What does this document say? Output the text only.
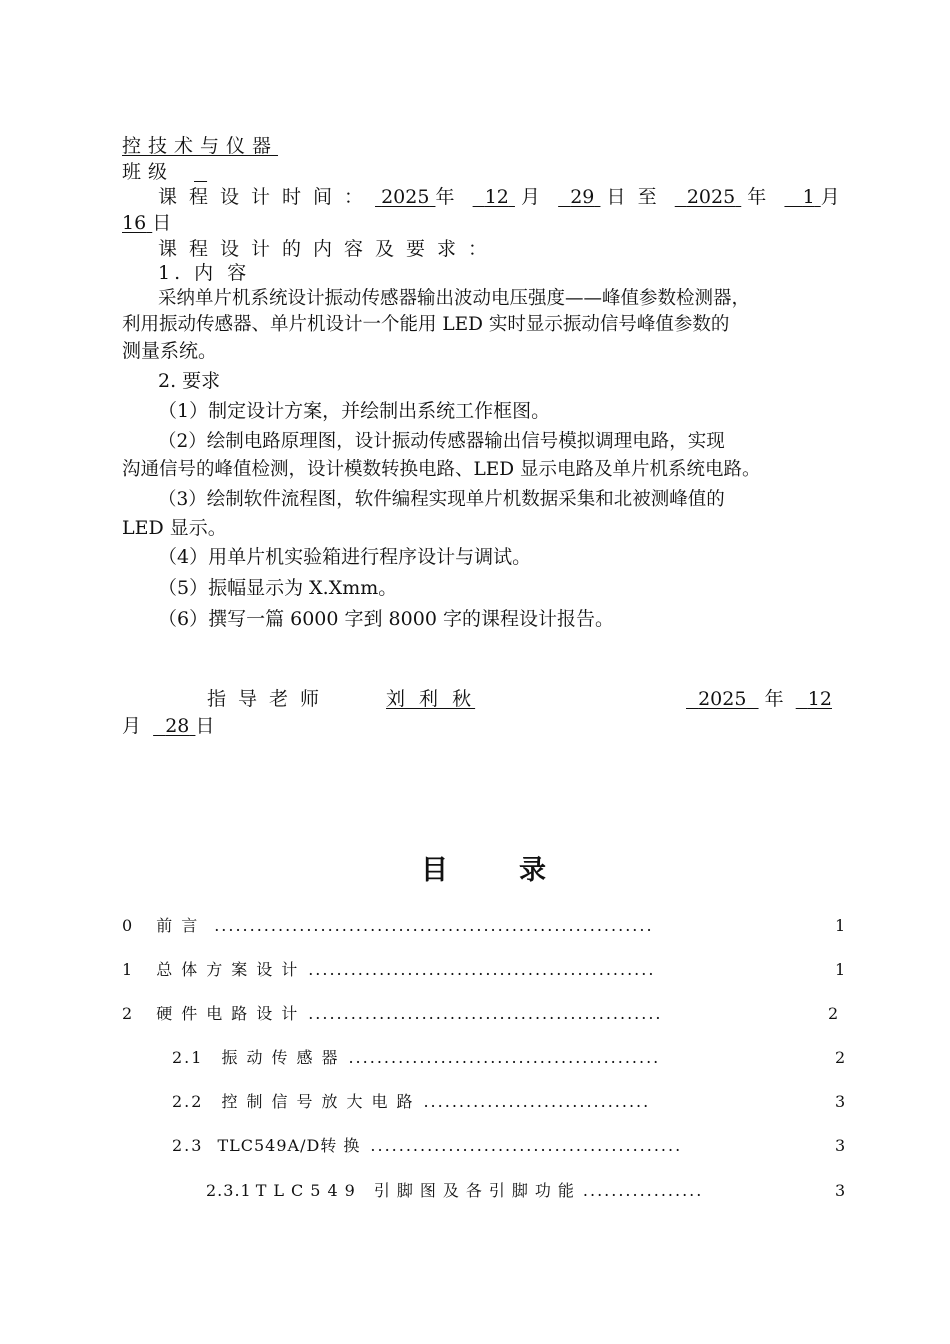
控技术与仪器
班级
课程设计时间： 2025 年 12 月 29 日 至 2025 年 1 月
16 日
课程设计的内容及要求：
1. 内 容
采纳单片机系统设计振动传感器输出波动电压强度——峰值参数检测器，
利用振动传感器、单片机设计一个能用 LED 实时显示振动信号峰值参数的
测量系统。
2. 要求
（1）制定设计方案，并绘制出系统工作框图。
（2）绘制电路原理图，设计振动传感器输出信号模拟调理电路，实现
沟通信号的峰值检测，设计模数转换电路、LED 显示电路及单片机系统电路。
（3）绘制软件流程图，软件编程实现单片机数据采集和北被测峰值的
LED 显示。
（4）用单片机实验箱进行程序设计与调试。
（5）振幅显示为 X.Xmm。
（6）撰写一篇 6000 字到 8000 字的课程设计报告。
指导老师	刘 利 秋	2025 年 12
月 28 日
目	录
0 前言 ..............................................................	1
1 总体方案设计 .................................................	1
2 硬件电路设计 ..................................................	2
2.1 振动传感器 ............................................	2
2.2 控制信号放大电路 ................................	3
2.3 TLC549A/D转 换 ............................................	3
2.3.1 TLC549 引脚图及各引脚功能 .................	3
